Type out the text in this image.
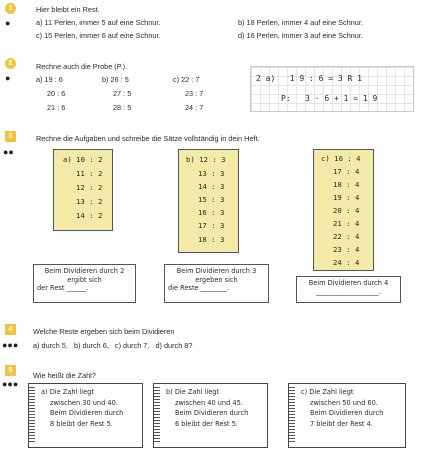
1
●
Hier bleibt ein Rest.
a) 11 Perlen, immer 5 auf eine Schnur.	b) 18 Perlen, immer 4 auf eine Schnur.
c) 15 Perlen, immer 6 auf eine Schnur.	d) 16 Perlen, immer 3 auf eine Schnur.
2
●
Rechne auch die Probe (P.).
a) 19 : 6
20 : 6
21 : 6
b) 26 : 5
27 : 5
28 : 5
c) 22 : 7
23 : 7
24 : 7
2 a)   1 9 : 6 = 3 R 1
P:   3 · 6 + 1 = 1 9
3
●●
Rechne die Aufgaben und schreibe die Sätze vollständig in dein Heft.
a) 10 : 2
11 : 2
12 : 2
13 : 2
14 : 2
b) 12 : 3
13 : 3
14 : 3
15 : 3
16 : 3
17 : 3
18 : 3
c) 16 : 4
17 : 4
18 : 4
19 : 4
20 : 4
21 : 4
22 : 4
23 : 4
24 : 4
Beim Dividieren durch 2
ergibt sich
der Rest ______.
Beim Dividieren durch 3
ergeben sich
die Reste ________.
Beim Dividieren durch 4
___________________.
4
●●●
Welche Reste ergeben sich beim Dividieren
a) durch 5,   b) durch 6,   c) durch 7,   d) durch 8?
5
●●●
Wie heißt die Zahl?
a) Die Zahl liegt
zwischen 30 und 40.
Beim Dividieren durch
8 bleibt der Rest 5.
b) Die Zahl liegt
zwischen 40 und 45.
Beim Dividieren durch
6 bleibt der Rest 5.
c) Die Zahl liegt
zwischen 50 und 60.
Beim Dividieren durch
7 bleibt der Rest 4.
